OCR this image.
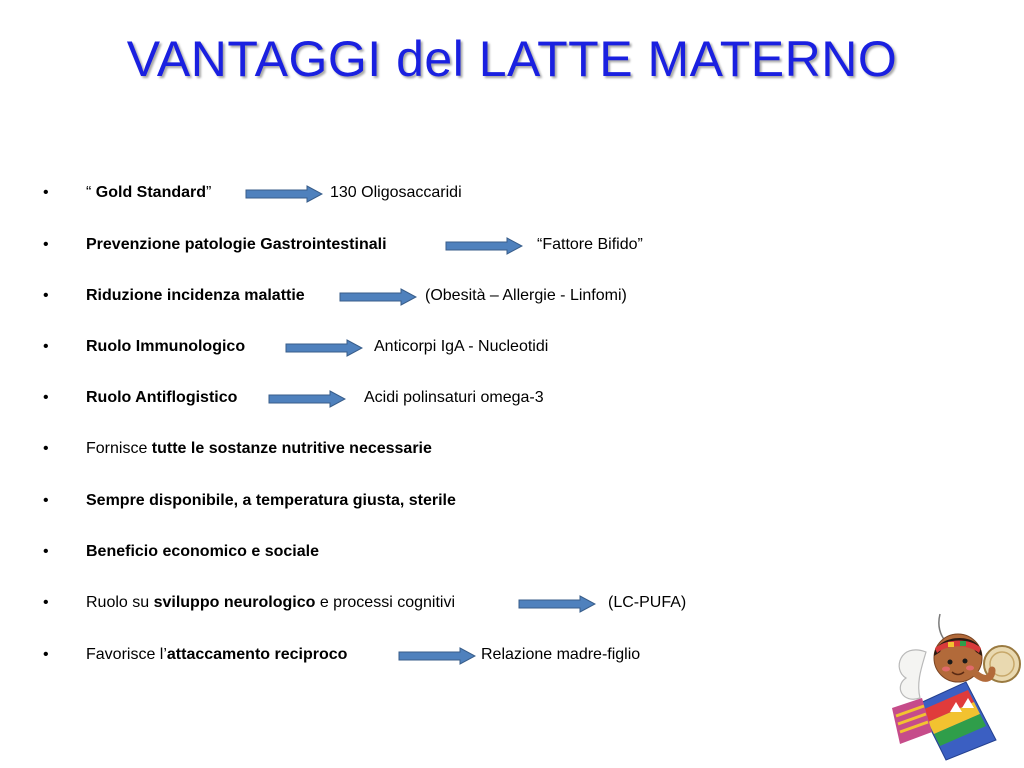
VANTAGGI del LATTE MATERNO
• “ Gold Standard”	130 Oligosaccaridi
• Prevenzione patologie Gastrointestinali	“Fattore Bifido”
• Riduzione incidenza malattie	(Obesità – Allergie - Linfomi)
• Ruolo Immunologico	Anticorpi IgA - Nucleotidi
• Ruolo Antiflogistico	Acidi polinsaturi omega-3
• Fornisce tutte le sostanze nutritive necessarie
• Sempre disponibile, a temperatura giusta, sterile
• Beneficio economico e sociale
• Ruolo su sviluppo neurologico e processi cognitivi	(LC-PUFA)
• Favorisce l’attaccamento reciproco	Relazione madre-figlio
